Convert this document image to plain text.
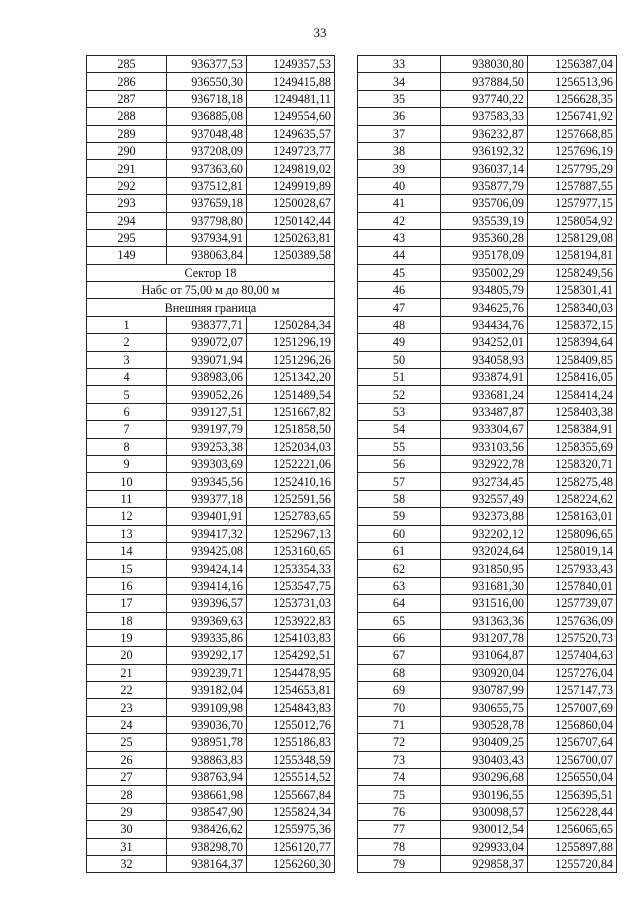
33
285	936377,53	1249357,53
286	936550,30	1249415,88
287	936718,18	1249481,11
288	936885,08	1249554,60
289	937048,48	1249635,57
290	937208,09	1249723,77
291	937363,60	1249819,02
292	937512,81	1249919,89
293	937659,18	1250028,67
294	937798,80	1250142,44
295	937934,91	1250263,81
149	938063,84	1250389,58
Сектор 18		
Набс от 75,00 м до 80,00 м		
Внешняя граница		
1	938377,71	1250284,34
2	939072,07	1251296,19
3	939071,94	1251296,26
4	938983,06	1251342,20
5	939052,26	1251489,54
6	939127,51	1251667,82
7	939197,79	1251858,50
8	939253,38	1252034,03
9	939303,69	1252221,06
10	939345,56	1252410,16
11	939377,18	1252591,56
12	939401,91	1252783,65
13	939417,32	1252967,13
14	939425,08	1253160,65
15	939424,14	1253354,33
16	939414,16	1253547,75
17	939396,57	1253731,03
18	939369,63	1253922,83
19	939335,86	1254103,83
20	939292,17	1254292,51
21	939239,71	1254478,95
22	939182,04	1254653,81
23	939109,98	1254843,83
24	939036,70	1255012,76
25	938951,78	1255186,83
26	938863,83	1255348,59
27	938763,94	1255514,52
28	938661,98	1255667,84
29	938547,90	1255824,34
30	938426,62	1255975,36
31	938298,70	1256120,77
32	938164,37	1256260,30
33	938030,80	1256387,04
34	937884,50	1256513,96
35	937740,22	1256628,35
36	937583,33	1256741,92
37	936232,87	1257668,85
38	936192,32	1257696,19
39	936037,14	1257795,29
40	935877,79	1257887,55
41	935706,09	1257977,15
42	935539,19	1258054,92
43	935360,28	1258129,08
44	935178,09	1258194,81
45	935002,29	1258249,56
46	934805,79	1258301,41
47	934625,76	1258340,03
48	934434,76	1258372,15
49	934252,01	1258394,64
50	934058,93	1258409,85
51	933874,91	1258416,05
52	933681,24	1258414,24
53	933487,87	1258403,38
54	933304,67	1258384,91
55	933103,56	1258355,69
56	932922,78	1258320,71
57	932734,45	1258275,48
58	932557,49	1258224,62
59	932373,88	1258163,01
60	932202,12	1258096,65
61	932024,64	1258019,14
62	931850,95	1257933,43
63	931681,30	1257840,01
64	931516,00	1257739,07
65	931363,36	1257636,09
66	931207,78	1257520,73
67	931064,87	1257404,63
68	930920,04	1257276,04
69	930787,99	1257147,73
70	930655,75	1257007,69
71	930528,78	1256860,04
72	930409,25	1256707,64
73	930403,43	1256700,07
74	930296,68	1256550,04
75	930196,55	1256395,51
76	930098,57	1256228,44
77	930012,54	1256065,65
78	929933,04	1255897,88
79	929858,37	1255720,84
